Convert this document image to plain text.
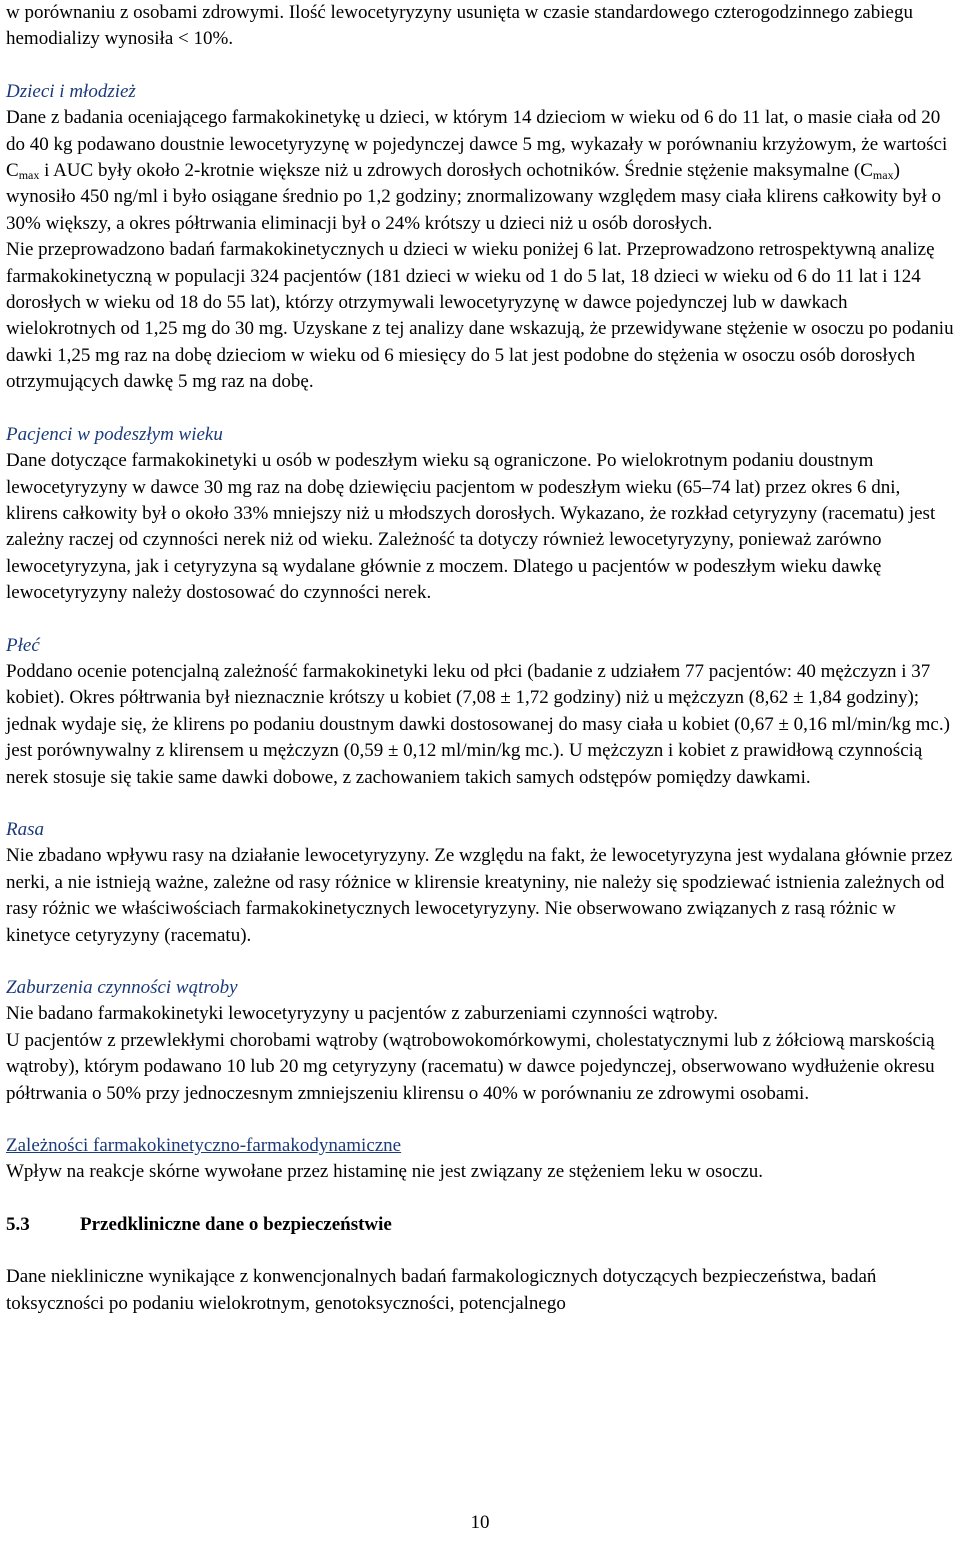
w porównaniu z osobami zdrowymi. Ilość lewocetyryzyny usunięta w czasie standardowego czterogodzinnego zabiegu hemodializy wynosiła < 10%.

Dzieci i młodzież

Dane z badania oceniającego farmakokinetykę u dzieci, w którym 14 dzieciom w wieku od 6 do 11 lat, o masie ciała od 20 do 40 kg podawano doustnie lewocetyryzynę w pojedynczej dawce 5 mg, wykazały w porównaniu krzyżowym, że wartości $C_{max}$ i AUC były około 2-krotnie większe niż u zdrowych dorosłych ochotników. Średnie stężenie maksymalne $(C_{max})$ wynosiło 450 ng/ml i było osiągane średnio po 1,2 godziny; znormalizowany względem masy ciała klirens całkowity był o 30% większy, a okres półtrwania eliminacji był o 24% krótszy u dzieci niż u osób dorosłych.

Nie przeprowadzono badań farmakokinetycznych u dzieci w wieku poniżej 6 lat. Przeprowadzono retrospektywną analizę farmakokinetyczną w populacji 324 pacjentów (181 dzieci w wieku od 1 do 5 lat, 18 dzieci w wieku od 6 do 11 lat i 124 dorosłych w wieku od 18 do 55 lat), którzy otrzymywali lewocetyryzynę w dawce pojedynczej lub w dawkach wielokrotnych od 1,25 mg do 30 mg. Uzyskane z tej analizy dane wskazują, że przewidywane stężenie w osoczu po podaniu dawki 1,25 mg raz na dobę dzieciom w wieku od 6 miesięcy do 5 lat jest podobne do stężenia w osoczu osób dorosłych otrzymujących dawkę 5 mg raz na dobę.

Pacjenci w podeszłym wieku

Dane dotyczące farmakokinetyki u osób w podeszłym wieku są ograniczone. Po wielokrotnym podaniu doustnym lewocetyryzyny w dawce 30 mg raz na dobę dziewięciu pacjentom w podeszłym wieku (65–74 lat) przez okres 6 dni, klirens całkowity był o około 33% mniejszy niż u młodszych dorosłych. Wykazano, że rozkład cetyryzyny (racematu) jest zależny raczej od czynności nerek niż od wieku. Zależność ta dotyczy również lewocetyryzyny, ponieważ zarówno lewocetyryzyna, jak i cetyryzyna są wydalane głównie z moczem. Dlatego u pacjentów w podeszłym wieku dawkę lewocetyryzyny należy dostosować do czynności nerek.

Płeć

Poddano ocenie potencjalną zależność farmakokinetyki leku od płci (badanie z udziałem 77 pacjentów: 40 mężczyzn i 37 kobiet). Okres półtrwania był nieznacznie krótszy u kobiet (7,08 ± 1,72 godziny) niż u mężczyzn (8,62 ± 1,84 godziny); jednak wydaje się, że klirens po podaniu doustnym dawki dostosowanej do masy ciała u kobiet (0,67 ± 0,16 ml/min/kg mc.) jest porównywalny z klirensem u mężczyzn (0,59 ± 0,12 ml/min/kg mc.). U mężczyzn i kobiet z prawidłową czynnością nerek stosuje się takie same dawki dobowe, z zachowaniem takich samych odstępów pomiędzy dawkami.

Rasa

Nie zbadano wpływu rasy na działanie lewocetyryzyny. Ze względu na fakt, że lewocetyryzyna jest wydalana głównie przez nerki, a nie istnieją ważne, zależne od rasy różnice w klirensie kreatyniny, nie należy się spodziewać istnienia zależnych od rasy różnic we właściwościach farmakokinetycznych lewocetyryzyny. Nie obserwowano związanych z rasą różnic w kinetyce cetyryzyny (racematu).

Zaburzenia czynności wątroby

Nie badano farmakokinetyki lewocetyryzyny u pacjentów z zaburzeniami czynności wątroby.

U pacjentów z przewlekłymi chorobami wątroby (wątrobowokomórkowymi, cholestatycznymi lub z żółciową marskością wątroby), którym podawano 10 lub 20 mg cetyryzyny (racematu) w dawce pojedynczej, obserwowano wydłużenie okresu półtrwania o 50% przy jednoczesnym zmniejszeniu klirensu o 40% w porównaniu ze zdrowymi osobami.

Zależności farmakokinetyczno-farmakodynamiczne

Wpływ na reakcje skórne wywołane przez histaminę nie jest związany ze stężeniem leku w osoczu.

5.3	Przedkliniczne dane o bezpieczeństwie

Dane niekliniczne wynikające z konwencjonalnych badań farmakologicznych dotyczących bezpieczeństwa, badań toksyczności po podaniu wielokrotnym, genotoksyczności, potencjalnego

10
